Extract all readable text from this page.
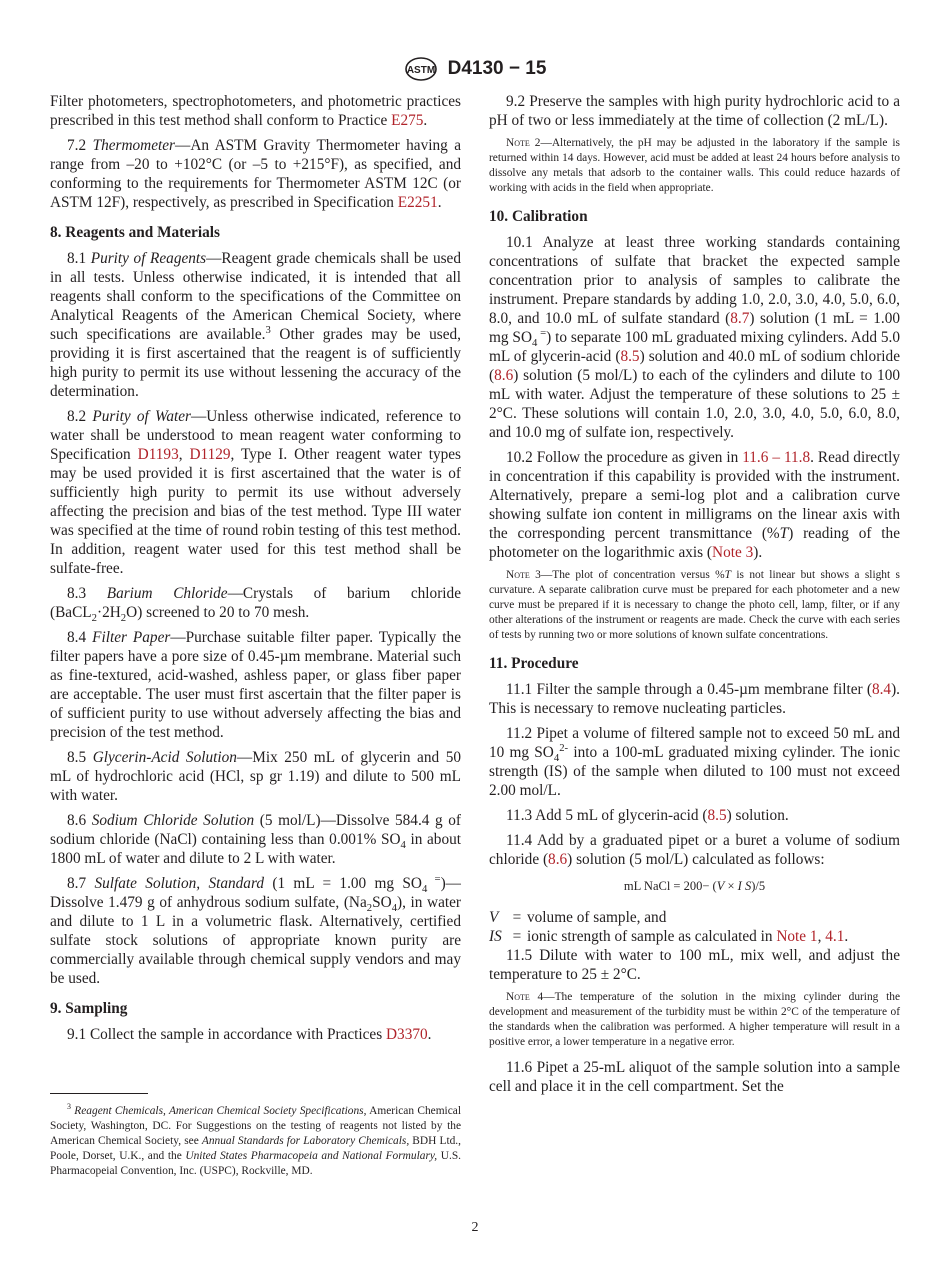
ASTM D4130 − 15
Filter photometers, spectrophotometers, and photometric practices prescribed in this test method shall conform to Practice E275.
7.2 Thermometer—An ASTM Gravity Thermometer having a range from –20 to +102°C (or –5 to +215°F), as specified, and conforming to the requirements for Thermometer ASTM 12C (or ASTM 12F), respectively, as prescribed in Specification E2251.
8. Reagents and Materials
8.1 Purity of Reagents—Reagent grade chemicals shall be used in all tests. Unless otherwise indicated, it is intended that all reagents shall conform to the specifications of the Committee on Analytical Reagents of the American Chemical Society, where such specifications are available.$^3$ Other grades may be used, providing it is first ascertained that the reagent is of sufficiently high purity to permit its use without lessening the accuracy of the determination.
8.2 Purity of Water—Unless otherwise indicated, reference to water shall be understood to mean reagent water conforming to Specification D1193, D1129, Type I. Other reagent water types may be used provided it is first ascertained that the water is of sufficiently high purity to permit its use without adversely affecting the precision and bias of the test method. Type III water was specified at the time of round robin testing of this test method. In addition, reagent water used for this test method shall be sulfate-free.
8.3 Barium Chloride—Crystals of barium chloride $(BaCL_2\cdot 2H_2O)$ screened to 20 to 70 mesh.
8.4 Filter Paper—Purchase suitable filter paper. Typically the filter papers have a pore size of 0.45-µm membrane. Material such as fine-textured, acid-washed, ashless paper, or glass fiber paper are acceptable. The user must first ascertain that the filter paper is of sufficient purity to use without adversely affecting the bias and precision of the test method.
8.5 Glycerin-Acid Solution—Mix 250 mL of glycerin and 50 mL of hydrochloric acid (HCl, sp gr 1.19) and dilute to 500 mL with water.
8.6 Sodium Chloride Solution (5 mol/L)—Dissolve 584.4 g of sodium chloride (NaCl) containing less than 0.001% $SO_4$ in about 1800 mL of water and dilute to 2 L with water.
8.7 Sulfate Solution, Standard (1 mL = 1.00 mg $SO_4$ =)—Dissolve 1.479 g of anhydrous sodium sulfate, $(Na_2SO_4)$, in water and dilute to 1 L in a volumetric flask. Alternatively, certified sulfate stock solutions of appropriate known purity are commercially available through chemical supply vendors and may be used.
9. Sampling
9.1 Collect the sample in accordance with Practices D3370.
9.2 Preserve the samples with high purity hydrochloric acid to a pH of two or less immediately at the time of collection (2 mL/L).
Note 2—Alternatively, the pH may be adjusted in the laboratory if the sample is returned within 14 days. However, acid must be added at least 24 hours before analysis to dissolve any metals that adsorb to the container walls. This could reduce hazards of working with acids in the field when appropriate.
10. Calibration
10.1 Analyze at least three working standards containing concentrations of sulfate that bracket the expected sample concentration prior to analysis of samples to calibrate the instrument. Prepare standards by adding 1.0, 2.0, 3.0, 4.0, 5.0, 6.0, 8.0, and 10.0 mL of sulfate standard (8.7) solution (1 mL = 1.00 mg $SO_4$ =) to separate 100 mL graduated mixing cylinders. Add 5.0 mL of glycerin-acid (8.5) solution and 40.0 mL of sodium chloride (8.6) solution (5 mol/L) to each of the cylinders and dilute to 100 mL with water. Adjust the temperature of these solutions to 25 ± 2°C. These solutions will contain 1.0, 2.0, 3.0, 4.0, 5.0, 6.0, 8.0, and 10.0 mg of sulfate ion, respectively.
10.2 Follow the procedure as given in 11.6 – 11.8. Read directly in concentration if this capability is provided with the instrument. Alternatively, prepare a semi-log plot and a calibration curve showing sulfate ion content in milligrams on the linear axis with the corresponding percent transmittance (%T) reading of the photometer on the logarithmic axis (Note 3).
Note 3—The plot of concentration versus %T is not linear but shows a slight s curvature. A separate calibration curve must be prepared for each photometer and a new curve must be prepared if it is necessary to change the photo cell, lamp, filter, or if any other alterations of the instrument or reagents are made. Check the curve with each series of tests by running two or more solutions of known sulfate concentrations.
11. Procedure
11.1 Filter the sample through a 0.45-µm membrane filter (8.4). This is necessary to remove nucleating particles.
11.2 Pipet a volume of filtered sample not to exceed 50 mL and 10 mg $SO_4^{2-}$ into a 100-mL graduated mixing cylinder. The ionic strength (IS) of the sample when diluted to 100 must not exceed 2.00 mol/L.
11.3 Add 5 mL of glycerin-acid (8.5) solution.
11.4 Add by a graduated pipet or a buret a volume of sodium chloride (8.6) solution (5 mol/L) calculated as follows:
mL NaCl = 200− (V × I S)/5
V = volume of sample, and
IS = ionic strength of sample as calculated in Note 1, 4.1.
11.5 Dilute with water to 100 mL, mix well, and adjust the temperature to 25 ± 2°C.
Note 4—The temperature of the solution in the mixing cylinder during the development and measurement of the turbidity must be within 2°C of the temperature of the standards when the calibration was performed. A higher temperature will result in a positive error, a lower temperature in a negative error.
11.6 Pipet a 25-mL aliquot of the sample solution into a sample cell and place it in the cell compartment. Set the

$^3$ Reagent Chemicals, American Chemical Society Specifications, American Chemical Society, Washington, DC. For Suggestions on the testing of reagents not listed by the American Chemical Society, see Annual Standards for Laboratory Chemicals, BDH Ltd., Poole, Dorset, U.K., and the United States Pharmacopeia and National Formulary, U.S. Pharmacopeial Convention, Inc. (USPC), Rockville, MD.

2
